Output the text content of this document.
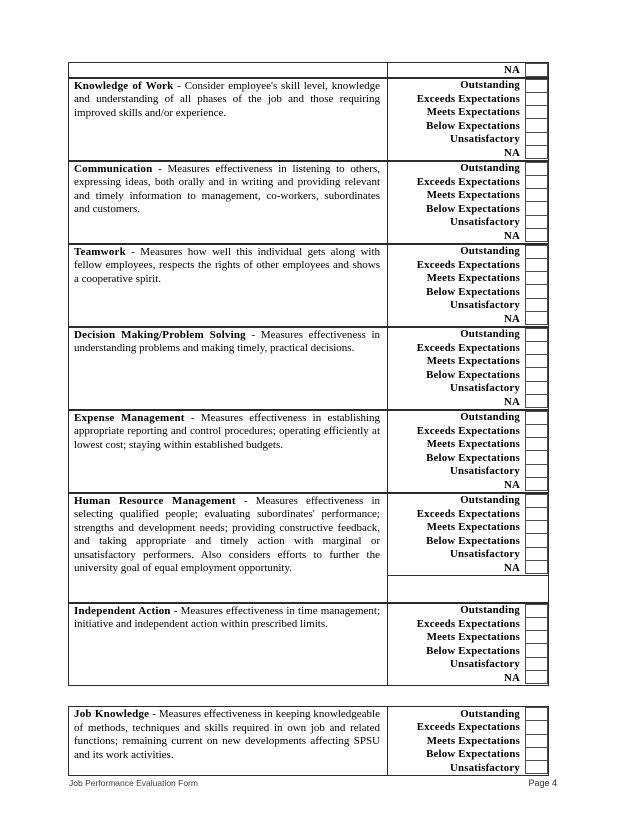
NA
Knowledge of Work - Consider employee's skill level, knowledge and understanding of all phases of the job and those requiring improved skills and/or experience.
Outstanding
Exceeds Expectations
Meets Expectations
Below Expectations
Unsatisfactory
NA
Communication - Measures effectiveness in listening to others, expressing ideas, both orally and in writing and providing relevant and timely information to management, co-workers, subordinates and customers.
Outstanding
Exceeds Expectations
Meets Expectations
Below Expectations
Unsatisfactory
NA
Teamwork - Measures how well this individual gets along with fellow employees, respects the rights of other employees and shows a cooperative spirit.
Outstanding
Exceeds Expectations
Meets Expectations
Below Expectations
Unsatisfactory
NA
Decision Making/Problem Solving - Measures effectiveness in understanding problems and making timely, practical decisions.
Outstanding
Exceeds Expectations
Meets Expectations
Below Expectations
Unsatisfactory
NA
Expense Management - Measures effectiveness in establishing appropriate reporting and control procedures; operating efficiently at lowest cost; staying within established budgets.
Outstanding
Exceeds Expectations
Meets Expectations
Below Expectations
Unsatisfactory
NA
Human Resource Management - Measures effectiveness in selecting qualified people; evaluating subordinates' performance; strengths and development needs; providing constructive feedback, and taking appropriate and timely action with marginal or unsatisfactory performers. Also considers efforts to further the university goal of equal employment opportunity.
Outstanding
Exceeds Expectations
Meets Expectations
Below Expectations
Unsatisfactory
NA
Independent Action - Measures effectiveness in time management; initiative and independent action within prescribed limits.
Outstanding
Exceeds Expectations
Meets Expectations
Below Expectations
Unsatisfactory
NA
Job Knowledge - Measures effectiveness in keeping knowledgeable of methods, techniques and skills required in own job and related functions; remaining current on new developments affecting SPSU and its work activities.
Outstanding
Exceeds Expectations
Meets Expectations
Below Expectations
Unsatisfactory
Job Performance Evaluation Form	Page 4
